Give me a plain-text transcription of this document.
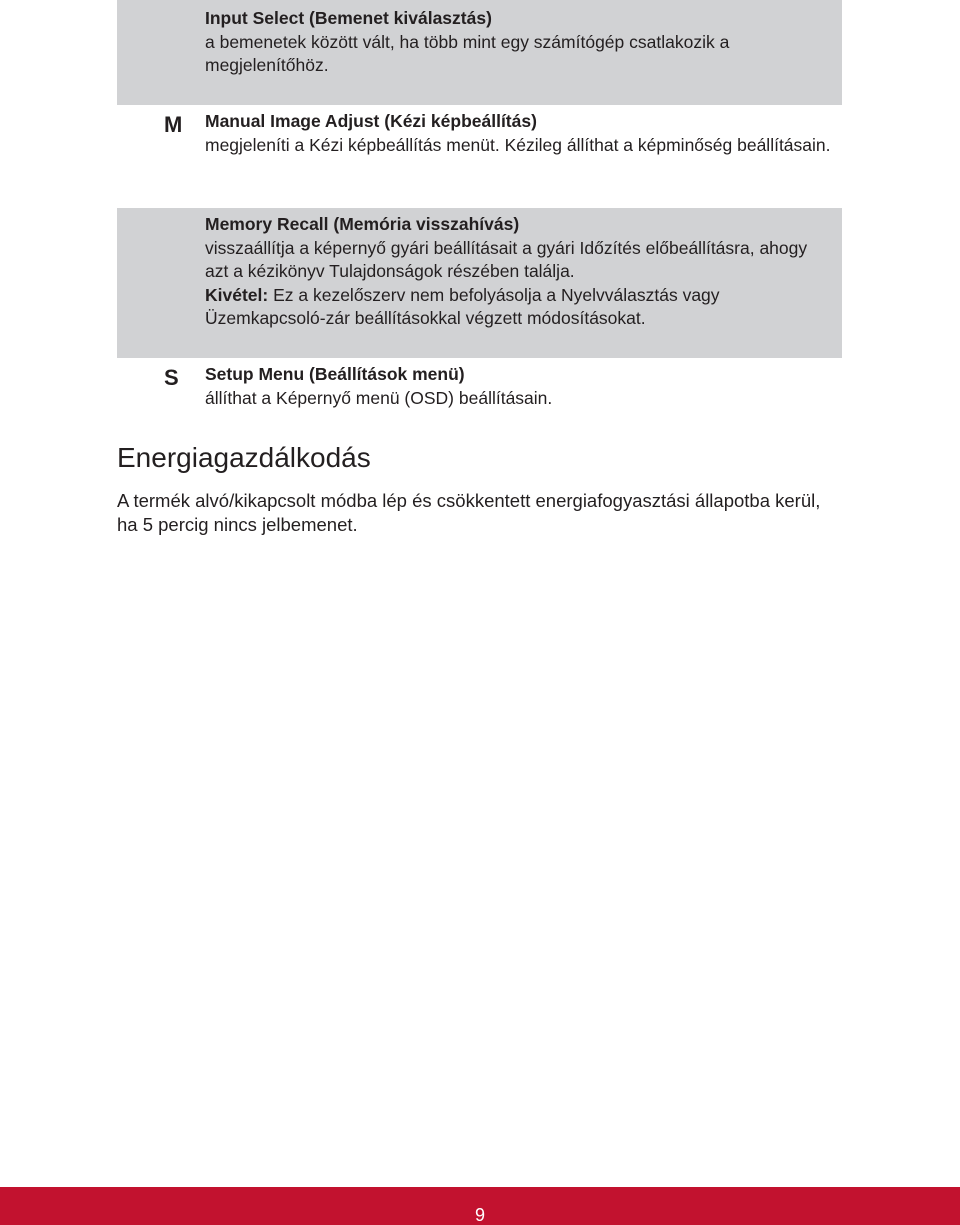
Input Select (Bemenet kiválasztás)
a bemenetek között vált, ha több mint egy számítógép csatlakozik a megjelenítőhöz.
M Manual Image Adjust (Kézi képbeállítás)
megjeleníti a Kézi képbeállítás menüt. Kézileg állíthat a képminőség beállításain.
Memory Recall (Memória visszahívás)
visszaállítja a képernyő gyári beállításait a gyári Időzítés előbeállításra, ahogy azt a kézikönyv Tulajdonságok részében találja.
Kivétel: Ez a kezelőszerv nem befolyásolja a Nyelvválasztás vagy Üzemkapcsoló-zár beállításokkal végzett módosításokat.
S Setup Menu (Beállítások menü)
állíthat a Képernyő menü (OSD) beállításain.
Energiagazdálkodás

A termék alvó/kikapcsolt módba lép és csökkentett energiafogyasztási állapotba kerül, ha 5 percig nincs jelbemenet.

9
